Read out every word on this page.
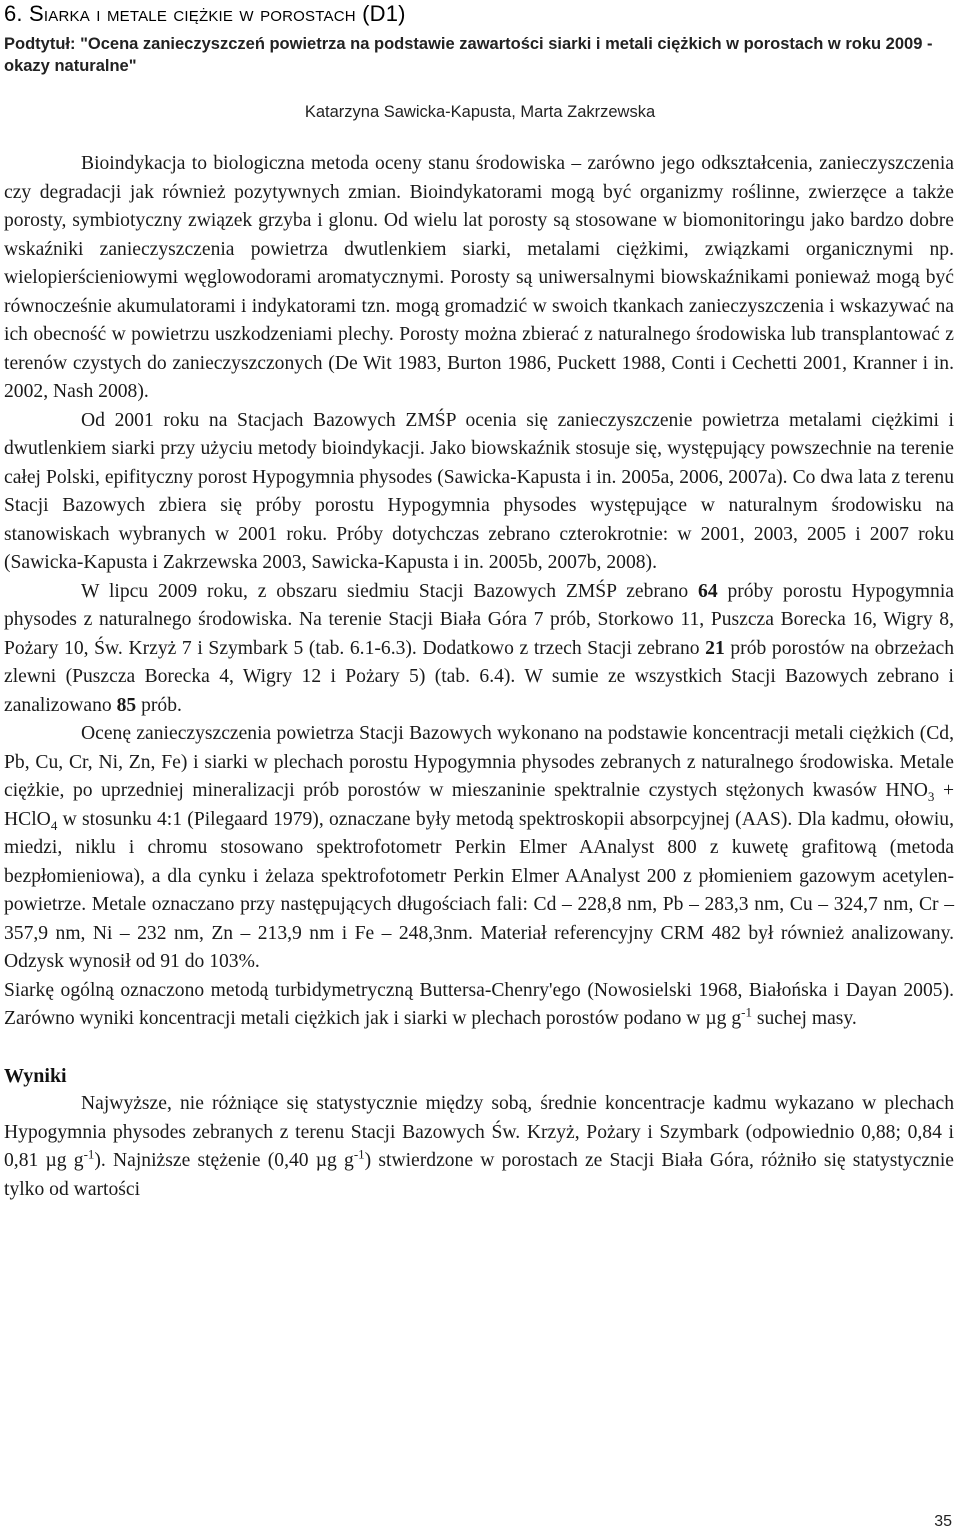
6. Siarka i metale ciężkie w porostach (D1)

Podtytuł: "Ocena zanieczyszczeń powietrza na podstawie zawartości siarki i metali ciężkich w porostach w roku 2009 - okazy naturalne"

Katarzyna Sawicka-Kapusta, Marta Zakrzewska

Bioindykacja to biologiczna metoda oceny stanu środowiska – zarówno jego odkształcenia, zanieczyszczenia czy degradacji jak również pozytywnych zmian. Bioindykatorami mogą być organizmy roślinne, zwierzęce a także porosty, symbiotyczny związek grzyba i glonu. Od wielu lat porosty są stosowane w biomonitoringu jako bardzo dobre wskaźniki zanieczyszczenia powietrza dwutlenkiem siarki, metalami ciężkimi, związkami organicznymi np. wielopierścieniowymi węglowodorami aromatycznymi. Porosty są uniwersalnymi biowskaźnikami ponieważ mogą być równocześnie akumulatorami i indykatorami tzn. mogą gromadzić w swoich tkankach zanieczyszczenia i wskazywać na ich obecność w powietrzu uszkodzeniami plechy. Porosty można zbierać z naturalnego środowiska lub transplantować z terenów czystych do zanieczyszczonych (De Wit 1983, Burton 1986, Puckett 1988, Conti i Cechetti 2001, Kranner i in. 2002, Nash 2008).

Od 2001 roku na Stacjach Bazowych ZMŚP ocenia się zanieczyszczenie powietrza metalami ciężkimi i dwutlenkiem siarki przy użyciu metody bioindykacji. Jako biowskaźnik stosuje się, występujący powszechnie na terenie całej Polski, epifityczny porost Hypogymnia physodes (Sawicka-Kapusta i in. 2005a, 2006, 2007a). Co dwa lata z terenu Stacji Bazowych zbiera się próby porostu Hypogymnia physodes występujące w naturalnym środowisku na stanowiskach wybranych w 2001 roku. Próby dotychczas zebrano czterokrotnie: w 2001, 2003, 2005 i 2007 roku (Sawicka-Kapusta i Zakrzewska 2003, Sawicka-Kapusta i in. 2005b, 2007b, 2008).

W lipcu 2009 roku, z obszaru siedmiu Stacji Bazowych ZMŚP zebrano 64 próby porostu Hypogymnia physodes z naturalnego środowiska. Na terenie Stacji Biała Góra 7 prób, Storkowo 11, Puszcza Borecka 16, Wigry 8, Pożary 10, Św. Krzyż 7 i Szymbark 5 (tab. 6.1-6.3). Dodatkowo z trzech Stacji zebrano 21 prób porostów na obrzeżach zlewni (Puszcza Borecka 4, Wigry 12 i Pożary 5) (tab. 6.4). W sumie ze wszystkich Stacji Bazowych zebrano i zanalizowano 85 prób.

Ocenę zanieczyszczenia powietrza Stacji Bazowych wykonano na podstawie koncentracji metali ciężkich (Cd, Pb, Cu, Cr, Ni, Zn, Fe) i siarki w plechach porostu Hypogymnia physodes zebranych z naturalnego środowiska. Metale ciężkie, po uprzedniej mineralizacji prób porostów w mieszaninie spektralnie czystych stężonych kwasów $HNO_3$ + HClO$_4$ w stosunku 4:1 (Pilegaard 1979), oznaczane były metodą spektroskopii absorpcyjnej (AAS). Dla kadmu, ołowiu, miedzi, niklu i chromu stosowano spektrofotometr Perkin Elmer AAnalyst 800 z kuwetę grafitową (metoda bezpłomieniowa), a dla cynku i żelaza spektrofotometr Perkin Elmer AAnalyst 200 z płomieniem gazowym acetylen-powietrze. Metale oznaczano przy następujących długościach fali: Cd – 228,8 nm, Pb – 283,3 nm, Cu – 324,7 nm, Cr – 357,9 nm, Ni – 232 nm, Zn – 213,9 nm i Fe – 248,3nm. Materiał referencyjny CRM 482 był również analizowany. Odzysk wynosił od 91 do 103%.

Siarkę ogólną oznaczono metodą turbidymetryczną Buttersa-Chenry'ego (Nowosielski 1968, Białońska i Dayan 2005). Zarówno wyniki koncentracji metali ciężkich jak i siarki w plechach porostów podano w µg $g^{-1}$ suchej masy.

Wyniki

Najwyższe, nie różniące się statystycznie między sobą, średnie koncentracje kadmu wykazano w plechach Hypogymnia physodes zebranych z terenu Stacji Bazowych Św. Krzyż, Pożary i Szymbark (odpowiednio 0,88; 0,84 i 0,81 µg $g^{-1}$). Najniższe stężenie (0,40 µg $g^{-1}$) stwierdzone w porostach ze Stacji Biała Góra, różniło się statystycznie tylko od wartości

35
